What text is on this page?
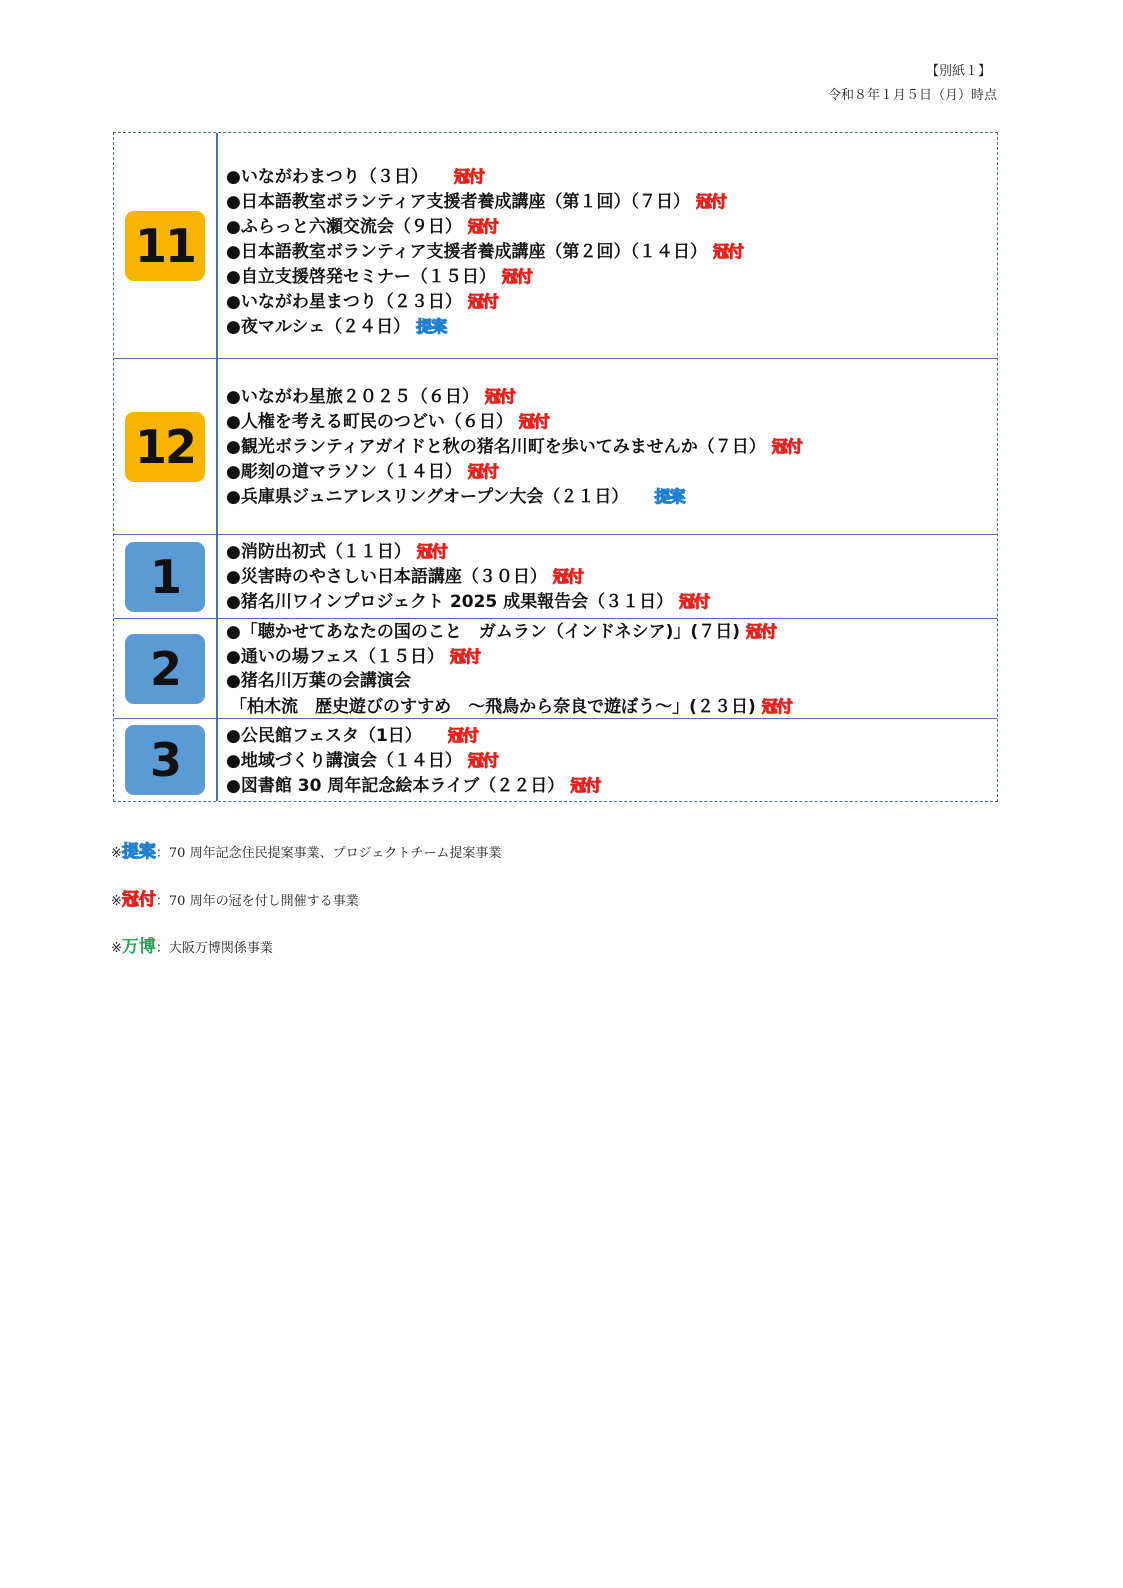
【別紙１】
令和８年１月５日（月）時点
11
●いながわまつり（３日） 冠付
●日本語教室ボランティア支援者養成講座（第１回）（７日） 冠付
●ふらっと六瀬交流会（９日） 冠付
●日本語教室ボランティア支援者養成講座（第２回）（１４日） 冠付
●自立支援啓発セミナー（１５日） 冠付
●いながわ星まつり（２３日） 冠付
●夜マルシェ（２４日） 提案
12
●いながわ星旅２０２５（６日） 冠付
●人権を考える町民のつどい（６日） 冠付
●観光ボランティアガイドと秋の猪名川町を歩いてみませんか（７日） 冠付
●彫刻の道マラソン（１４日） 冠付
●兵庫県ジュニアレスリングオープン大会（２１日） 提案
1	●消防出初式（１１日） 冠付
●災害時のやさしい日本語講座（３０日） 冠付
●猪名川ワインプロジェクト 2025 成果報告会（３１日） 冠付
2
●「聴かせてあなたの国のこと　ガムラン（インドネシア)」(７日) 冠付
●通いの場フェス（１５日） 冠付
●猪名川万葉の会講演会
「柏木流　歴史遊びのすすめ　～飛鳥から奈良で遊ぼう～」(２３日) 冠付
3	●公民館フェスタ（1日） 冠付
●地域づくり講演会（１４日） 冠付
●図書館 30 周年記念絵本ライブ（２２日） 冠付
※提案：70 周年記念住民提案事業、プロジェクトチーム提案事業
※冠付：70 周年の冠を付し開催する事業
※万博：大阪万博関係事業
